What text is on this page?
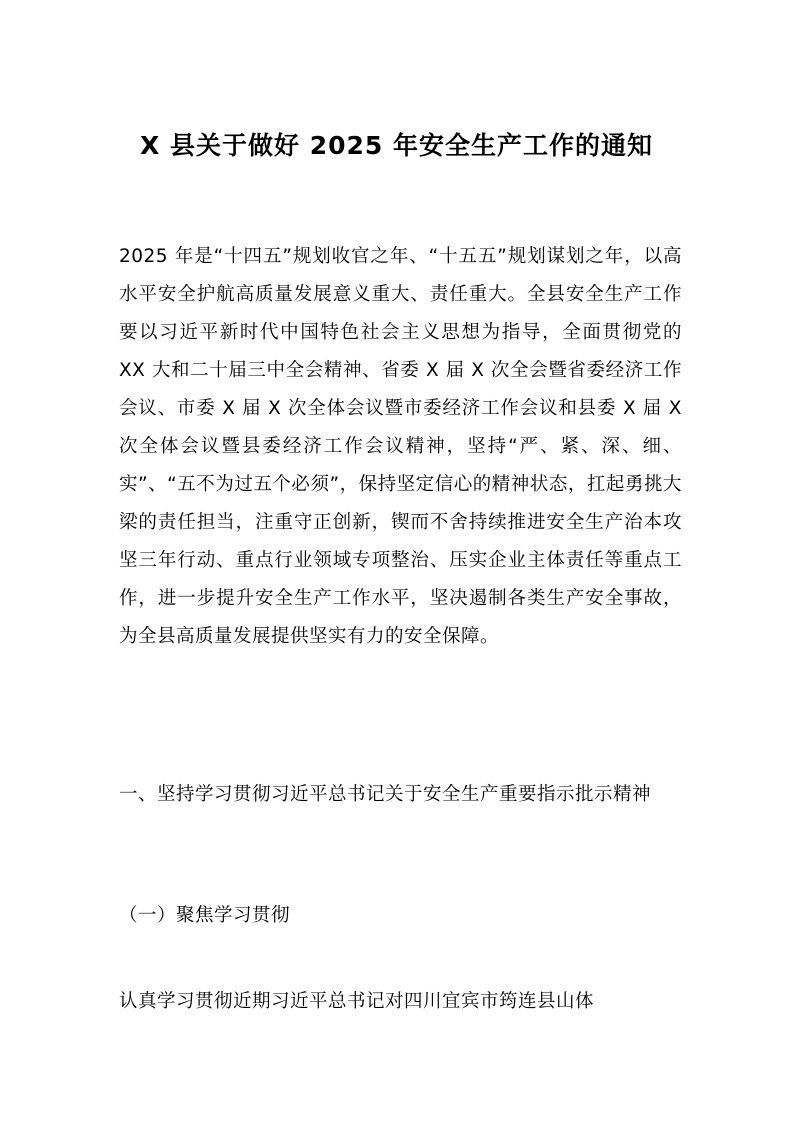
X 县关于做好 2025 年安全生产工作的通知

2025 年是“十四五”规划收官之年、“十五五”规划谋划之年，以高水平安全护航高质量发展意义重大、责任重大。全县安全生产工作要以习近平新时代中国特色社会主义思想为指导，全面贯彻党的 XX 大和二十届三中全会精神、省委 X 届 X 次全会暨省委经济工作会议、市委 X 届 X 次全体会议暨市委经济工作会议和县委 X 届 X 次全体会议暨县委经济工作会议精神，坚持“严、紧、深、细、实”、“五不为过五个必须”，保持坚定信心的精神状态，扛起勇挑大梁的责任担当，注重守正创新，锲而不舍持续推进安全生产治本攻坚三年行动、重点行业领域专项整治、压实企业主体责任等重点工作，进一步提升安全生产工作水平，坚决遏制各类生产安全事故，为全县高质量发展提供坚实有力的安全保障。

一、坚持学习贯彻习近平总书记关于安全生产重要指示批示精神

（一）聚焦学习贯彻

认真学习贯彻近期习近平总书记对四川宜宾市筠连县山体
